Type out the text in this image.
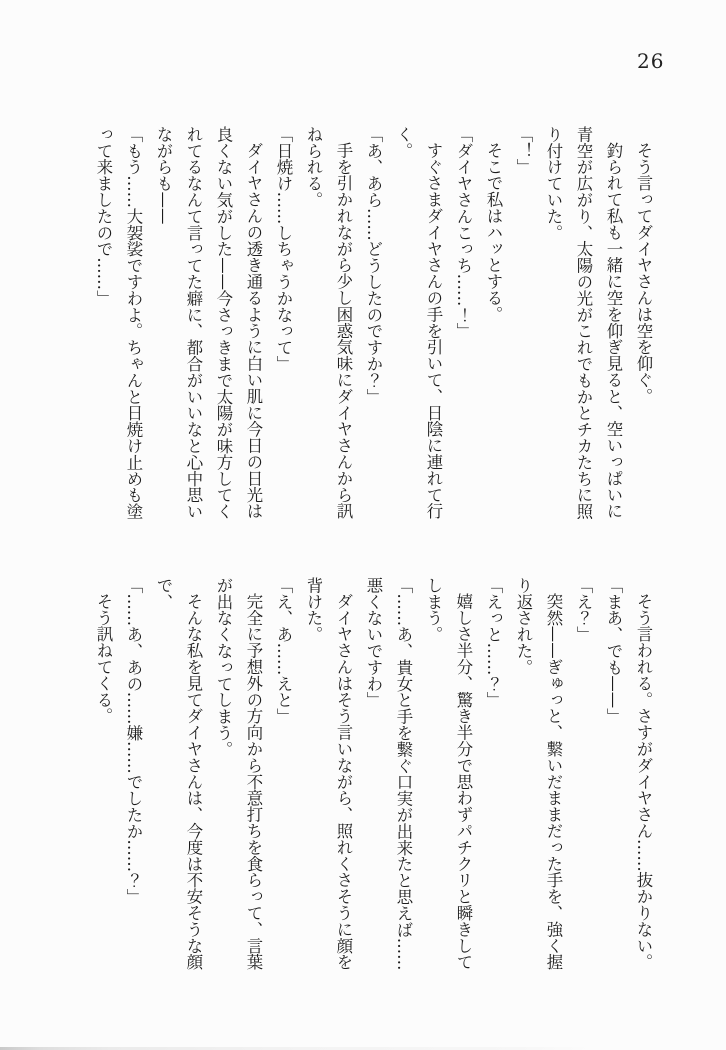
26

そう言ってダイヤさんは空を仰ぐ。

釣られて私も一緒に空を仰ぎ見ると、空いっぱいに

青空が広がり、太陽の光がこれでもかとチカたちに照

り付けていた。

「！」

そこで私はハッとする。

「ダイヤさんこっち……！」

すぐさまダイヤさんの手を引いて、日陰に連れて行

く。

「あ、あら……どうしたのですか？」

手を引かれながら少し困惑気味にダイヤさんから訊

ねられる。

「日焼け……しちゃうかなって」

ダイヤさんの透き通るように白い肌に今日の日光は

良くない気がした——今さっきまで太陽が味方してく

れてるなんて言ってた癖に、都合がいいなと心中思い

ながらも——

「もう……大袈裟ですわよ。ちゃんと日焼け止めも塗

って来ましたので……」

そう言われる。さすがダイヤさん……抜かりない。

「まあ、でも——」

「え？」

突然——ぎゅっと、繋いだままだった手を、強く握

り返された。

「えっと……？」

嬉しさ半分、驚き半分で思わずパチクリと瞬きして

しまう。

「……あ、貴女と手を繋ぐ口実が出来たと思えば……

悪くないですわ」

ダイヤさんはそう言いながら、照れくさそうに顔を

背けた。

「え、あ……えと」

完全に予想外の方向から不意打ちを食らって、言葉

が出なくなってしまう。

そんな私を見てダイヤさんは、今度は不安そうな顔

で、

「……あ、あの……嫌……でしたか……？」

そう訊ねてくる。
